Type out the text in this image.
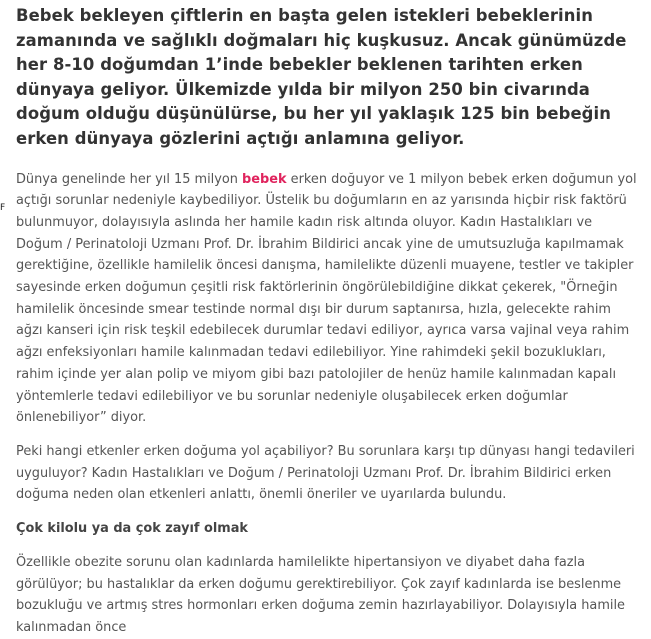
F

Bebek bekleyen çiftlerin en başta gelen istekleri bebeklerinin zamanında ve sağlıklı doğmaları hiç kuşkusuz. Ancak günümüzde her 8-10 doğumdan 1’inde bebekler beklenen tarihten erken dünyaya geliyor. Ülkemizde yılda bir milyon 250 bin civarında doğum olduğu düşünülürse, bu her yıl yaklaşık 125 bin bebeğin erken dünyaya gözlerini açtığı anlamına geliyor.

Dünya genelinde her yıl 15 milyon bebek erken doğuyor ve 1 milyon bebek erken doğumun yol açtığı sorunlar nedeniyle kaybediliyor. Üstelik bu doğumların en az yarısında hiçbir risk faktörü bulunmuyor, dolayısıyla aslında her hamile kadın risk altında oluyor. Kadın Hastalıkları ve Doğum / Perinatoloji Uzmanı Prof. Dr. İbrahim Bildirici ancak yine de umutsuzluğa kapılmamak gerektiğine, özellikle hamilelik öncesi danışma, hamilelikte düzenli muayene, testler ve takipler sayesinde erken doğumun çeşitli risk faktörlerinin öngörülebildiğine dikkat çekerek, "Örneğin hamilelik öncesinde smear testinde normal dışı bir durum saptanırsa, hızla, gelecekte rahim ağzı kanseri için risk teşkil edebilecek durumlar tedavi ediliyor, ayrıca varsa vajinal veya rahim ağzı enfeksiyonları hamile kalınmadan tedavi edilebiliyor. Yine rahimdeki şekil bozuklukları, rahim içinde yer alan polip ve miyom gibi bazı patolojiler de henüz hamile kalınmadan kapalı yöntemlerle tedavi edilebiliyor ve bu sorunlar nedeniyle oluşabilecek erken doğumlar önlenebiliyor” diyor.

Peki hangi etkenler erken doğuma yol açabiliyor? Bu sorunlara karşı tıp dünyası hangi tedavileri uyguluyor? Kadın Hastalıkları ve Doğum / Perinatoloji Uzmanı Prof. Dr. İbrahim Bildirici erken doğuma neden olan etkenleri anlattı, önemli öneriler ve uyarılarda bulundu.

Çok kilolu ya da çok zayıf olmak

Özellikle obezite sorunu olan kadınlarda hamilelikte hipertansiyon ve diyabet daha fazla görülüyor; bu hastalıklar da erken doğumu gerektirebiliyor. Çok zayıf kadınlarda ise beslenme bozukluğu ve artmış stres hormonları erken doğuma zemin hazırlayabiliyor. Dolayısıyla hamile kalınmadan önce
